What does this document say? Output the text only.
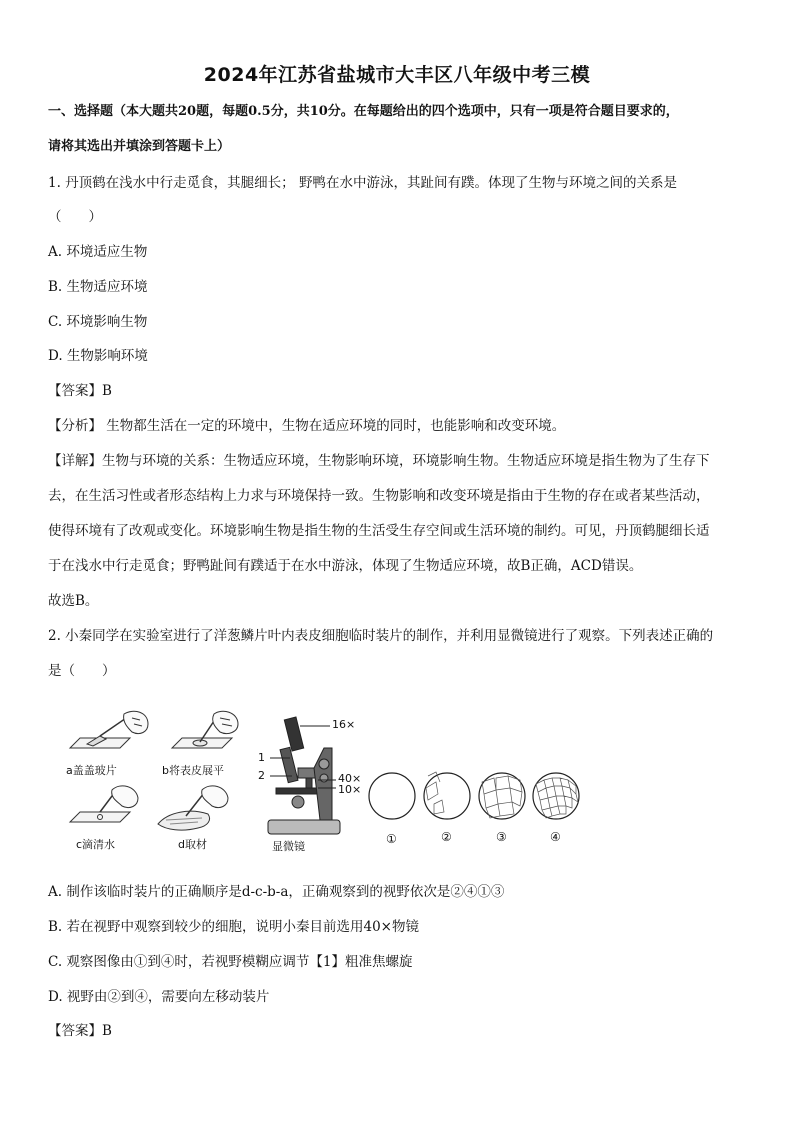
2024年江苏省盐城市大丰区八年级中考三模
一、选择题（本大题共20题，每题0.5分，共10分。在每题给出的四个选项中，只有一项是符合题目要求的，
请将其选出并填涂到答题卡上）
1. 丹顶鹤在浅水中行走觅食，其腿细长； 野鸭在水中游泳，其趾间有蹼。体现了生物与环境之间的关系是
（　　）
A. 环境适应生物
B. 生物适应环境
C. 环境影响生物
D. 生物影响环境
【答案】B
【分析】 生物都生活在一定的环境中，生物在适应环境的同时，也能影响和改变环境。
【详解】生物与环境的关系：生物适应环境，生物影响环境，环境影响生物。生物适应环境是指生物为了生存下
去，在生活习性或者形态结构上力求与环境保持一致。生物影响和改变环境是指由于生物的存在或者某些活动，
使得环境有了改观或变化。环境影响生物是指生物的生活受生存空间或生活环境的制约。可见，丹顶鹤腿细长适
于在浅水中行走觅食；野鸭趾间有蹼适于在水中游泳，体现了生物适应环境，故B正确，ACD错误。
故选B。
2. 小秦同学在实验室进行了洋葱鳞片叶内表皮细胞临时装片的制作，并利用显微镜进行了观察。下列表述正确的
是（　　）
a盖盖玻片	b将表皮展平
c滴清水	d取材	显微镜
16×
1
2	40×
10×
①	②	③	④
A. 制作该临时装片的正确顺序是d-c-b-a，正确观察到的视野依次是②④①③
B. 若在视野中观察到较少的细胞，说明小秦目前选用40×物镜
C. 观察图像由①到④时，若视野模糊应调节【1】粗准焦螺旋
D. 视野由②到④，需要向左移动装片
【答案】B
